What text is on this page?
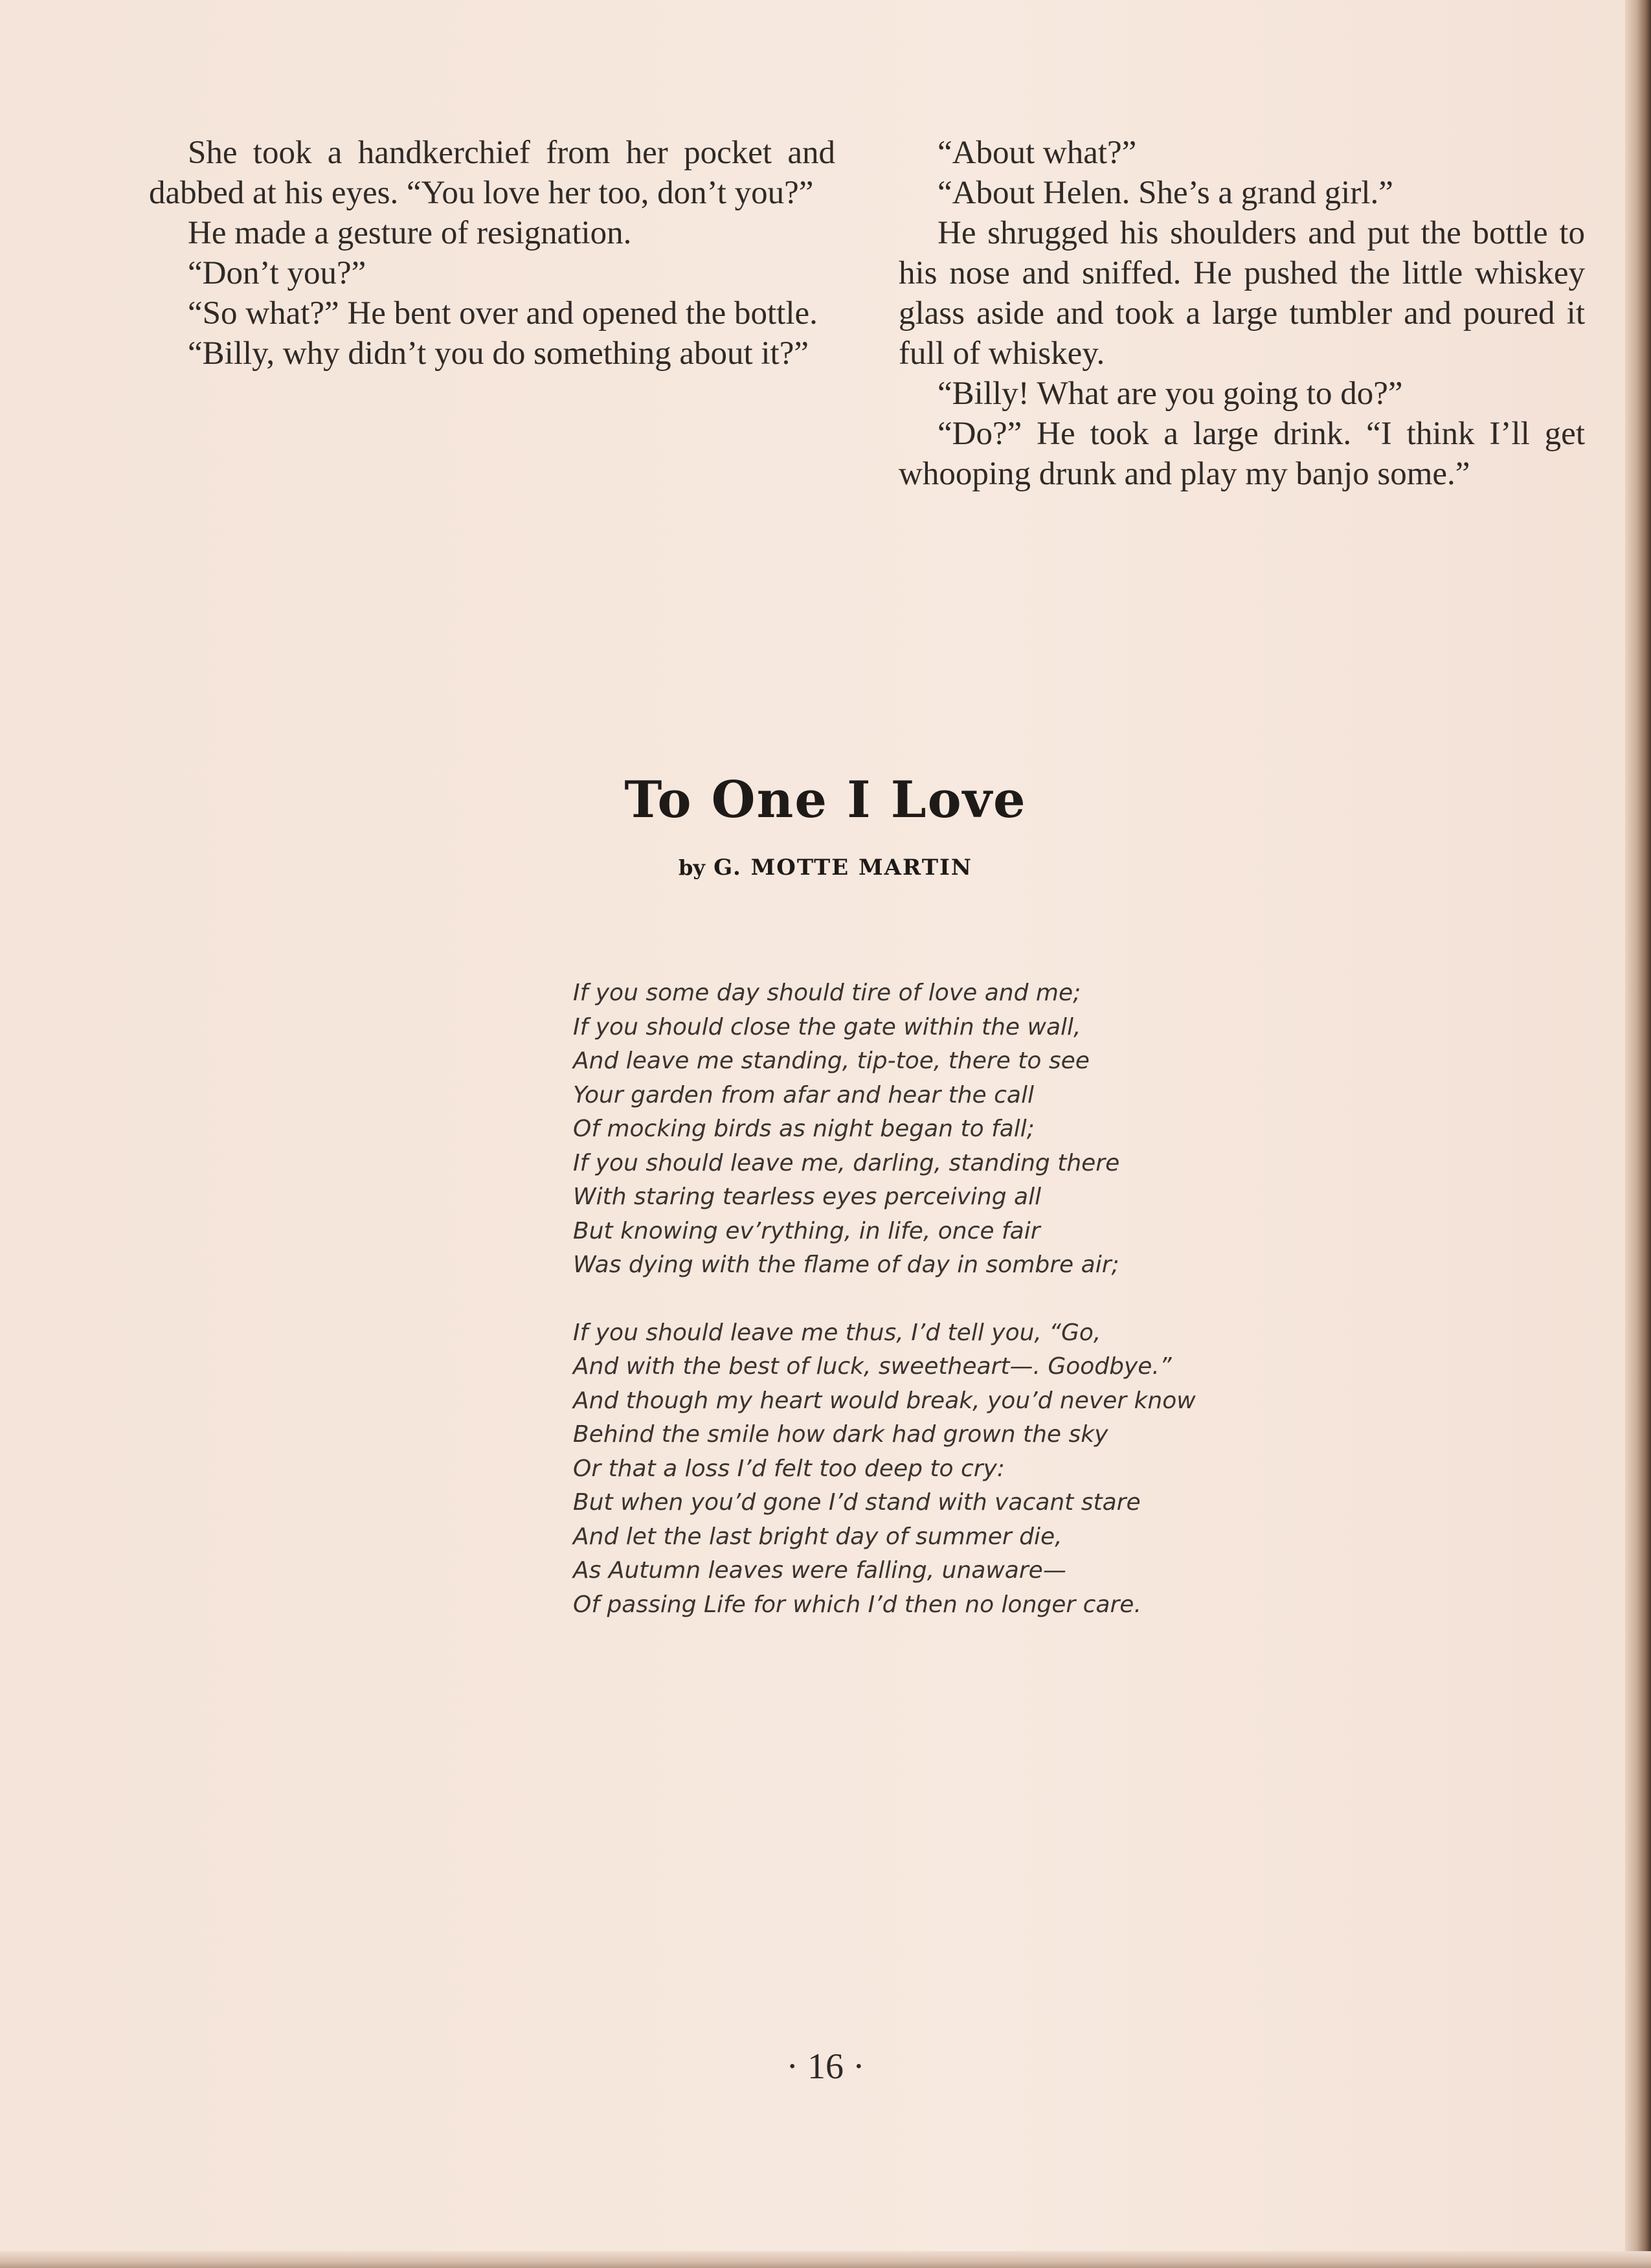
She took a handkerchief from her pocket and dabbed at his eyes. “You love her too, don’t you?”

He made a gesture of resignation.

“Don’t you?”

“So what?” He bent over and opened the bottle.

“Billy, why didn’t you do something about it?”

“About what?”

“About Helen. She’s a grand girl.”

He shrugged his shoulders and put the bottle to his nose and sniffed. He pushed the little whiskey glass aside and took a large tumbler and poured it full of whiskey.

“Billy! What are you going to do?”

“Do?” He took a large drink. “I think I’ll get whooping drunk and play my banjo some.”

To One I Love
by G. MOTTE MARTIN
If you some day should tire of love and me;
If you should close the gate within the wall,
And leave me standing, tip-toe, there to see
Your garden from afar and hear the call
Of mocking birds as night began to fall;
If you should leave me, darling, standing there
With staring tearless eyes perceiving all
But knowing ev’rything, in life, once fair
Was dying with the flame of day in sombre air;
If you should leave me thus, I’d tell you, “Go,
And with the best of luck, sweetheart—. Goodbye.”
And though my heart would break, you’d never know
Behind the smile how dark had grown the sky
Or that a loss I’d felt too deep to cry:
But when you’d gone I’d stand with vacant stare
And let the last bright day of summer die,
As Autumn leaves were falling, unaware—
Of passing Life for which I’d then no longer care.
· 16 ·
